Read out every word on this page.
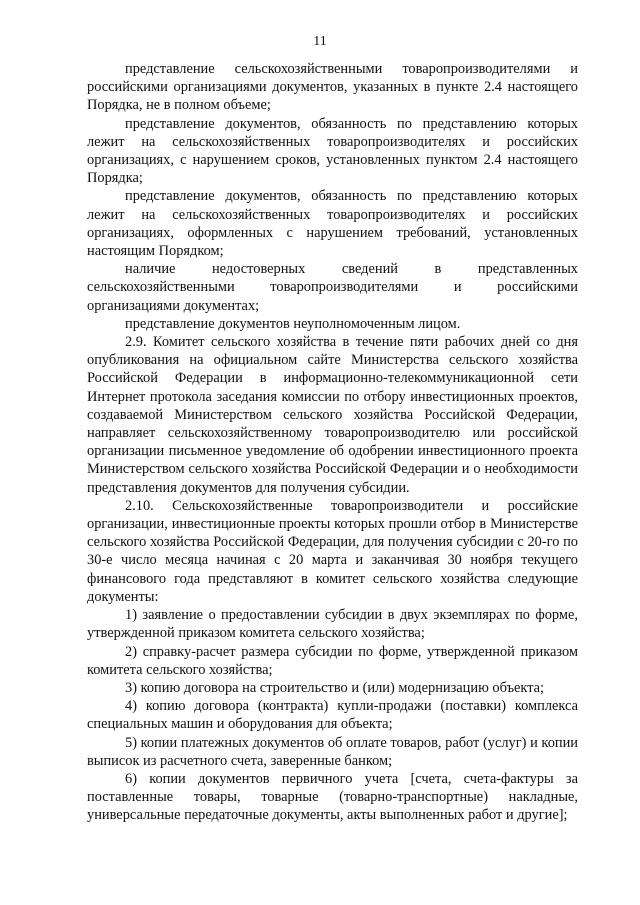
11

представление сельскохозяйственными товаропроизводителями и российскими организациями документов, указанных в пункте 2.4 настоящего Порядка, не в полном объеме;

представление документов, обязанность по представлению которых лежит на сельскохозяйственных товаропроизводителях и российских организациях, с нарушением сроков, установленных пунктом 2.4 настоящего Порядка;

представление документов, обязанность по представлению которых лежит на сельскохозяйственных товаропроизводителях и российских организациях, оформленных с нарушением требований, установленных настоящим Порядком;

наличие недостоверных сведений в представленных сельскохозяйственными товаропроизводителями и российскими организациями документах;

представление документов неуполномоченным лицом.

2.9. Комитет сельского хозяйства в течение пяти рабочих дней со дня опубликования на официальном сайте Министерства сельского хозяйства Российской Федерации в информационно-телекоммуникационной сети Интернет протокола заседания комиссии по отбору инвестиционных проектов, создаваемой Министерством сельского хозяйства Российской Федерации, направляет сельскохозяйственному товаропроизводителю или российской организации письменное уведомление об одобрении инвестиционного проекта Министерством сельского хозяйства Российской Федерации и о необходимости представления документов для получения субсидии.

2.10. Сельскохозяйственные товаропроизводители и российские организации, инвестиционные проекты которых прошли отбор в Министерстве сельского хозяйства Российской Федерации, для получения субсидии с 20-го по 30-е число месяца начиная с 20 марта и заканчивая 30 ноября текущего финансового года представляют в комитет сельского хозяйства следующие документы:

1) заявление о предоставлении субсидии в двух экземплярах по форме, утвержденной приказом комитета сельского хозяйства;

2) справку-расчет размера субсидии по форме, утвержденной приказом комитета сельского хозяйства;

3) копию договора на строительство и (или) модернизацию объекта;

4) копию договора (контракта) купли-продажи (поставки) комплекса специальных машин и оборудования для объекта;

5) копии платежных документов об оплате товаров, работ (услуг) и копии выписок из расчетного счета, заверенные банком;

6) копии документов первичного учета [счета, счета-фактуры за поставленные товары, товарные (товарно-транспортные) накладные, универсальные передаточные документы, акты выполненных работ и другие];
